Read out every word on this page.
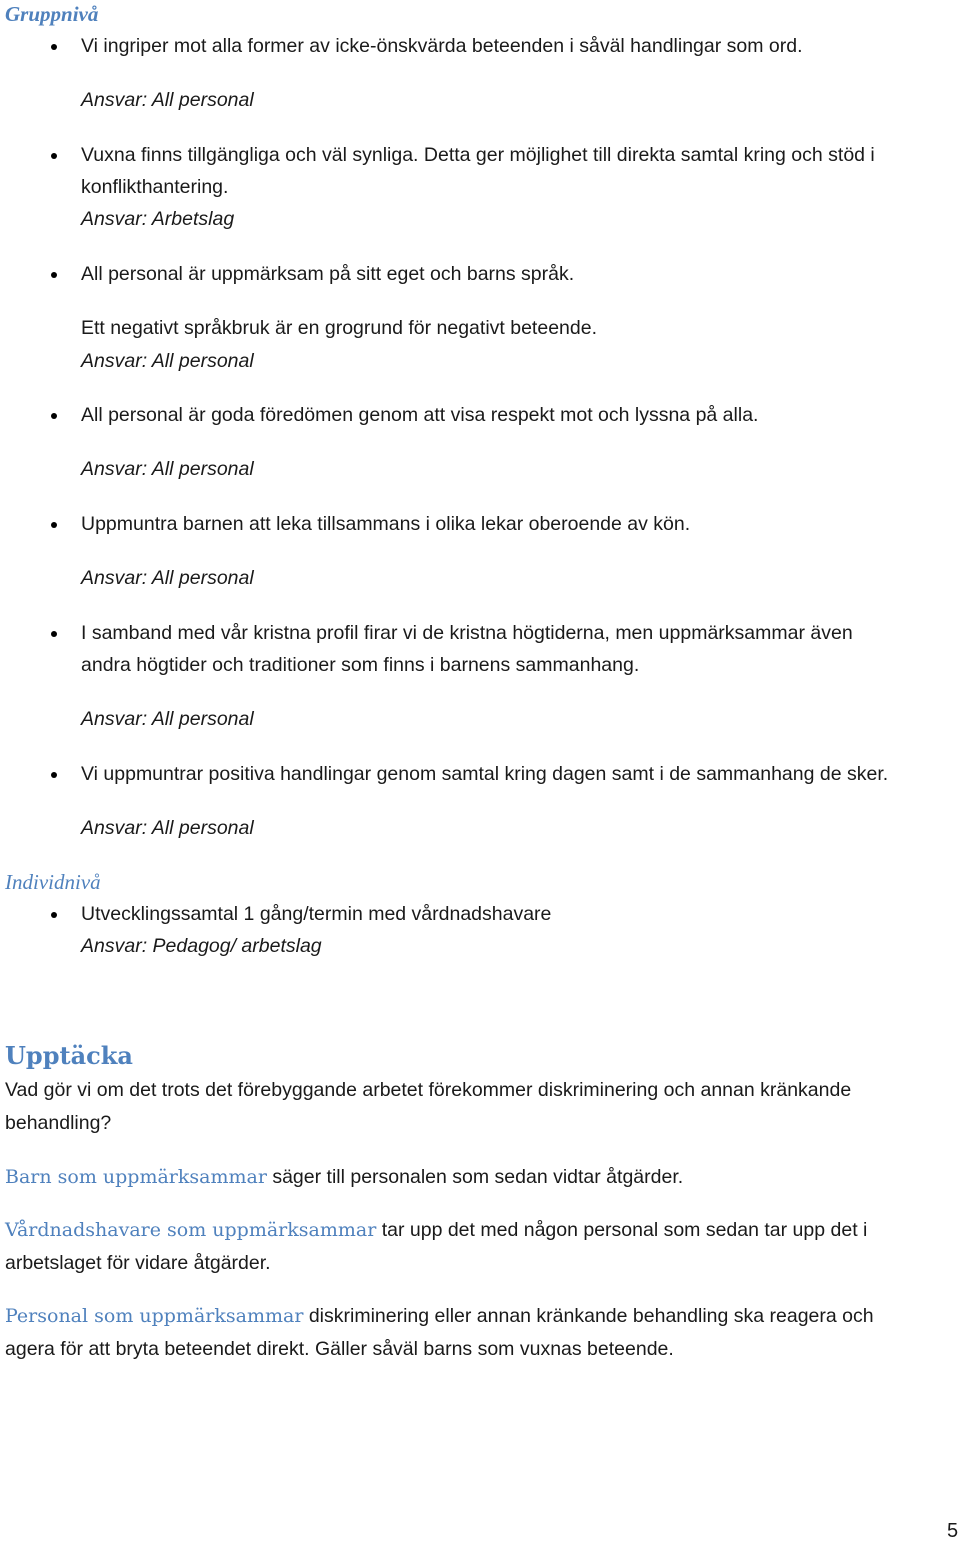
Gruppnivå
Vi ingriper mot alla former av icke-önskvärda beteenden i såväl handlingar som ord.
Ansvar: All personal
Vuxna finns tillgängliga och väl synliga. Detta ger möjlighet till direkta samtal kring och stöd i
konflikthantering.
Ansvar: Arbetslag
All personal är uppmärksam på sitt eget och barns språk.
Ett negativt språkbruk är en grogrund för negativt beteende.
Ansvar: All personal
All personal är goda föredömen genom att visa respekt mot och lyssna på alla.
Ansvar: All personal
Uppmuntra barnen att leka tillsammans i olika lekar oberoende av kön.
Ansvar: All personal
I samband med vår kristna profil firar vi de kristna högtiderna, men uppmärksammar även
andra högtider och traditioner som finns i barnens sammanhang.
Ansvar: All personal
Vi uppmuntrar positiva handlingar genom samtal kring dagen samt i de sammanhang de sker.
Ansvar: All personal
Individnivå
Utvecklingssamtal 1 gång/termin med vårdnadshavare
Ansvar: Pedagog/ arbetslag
Upptäcka
Vad gör vi om det trots det förebyggande arbetet förekommer diskriminering och annan kränkande
behandling?
Barn som uppmärksammar säger till personalen som sedan vidtar åtgärder.
Vårdnadshavare som uppmärksammar tar upp det med någon personal som sedan tar upp det i
arbetslaget för vidare åtgärder.
Personal som uppmärksammar diskriminering eller annan kränkande behandling ska reagera och
agera för att bryta beteendet direkt. Gäller såväl barns som vuxnas beteende.
5
